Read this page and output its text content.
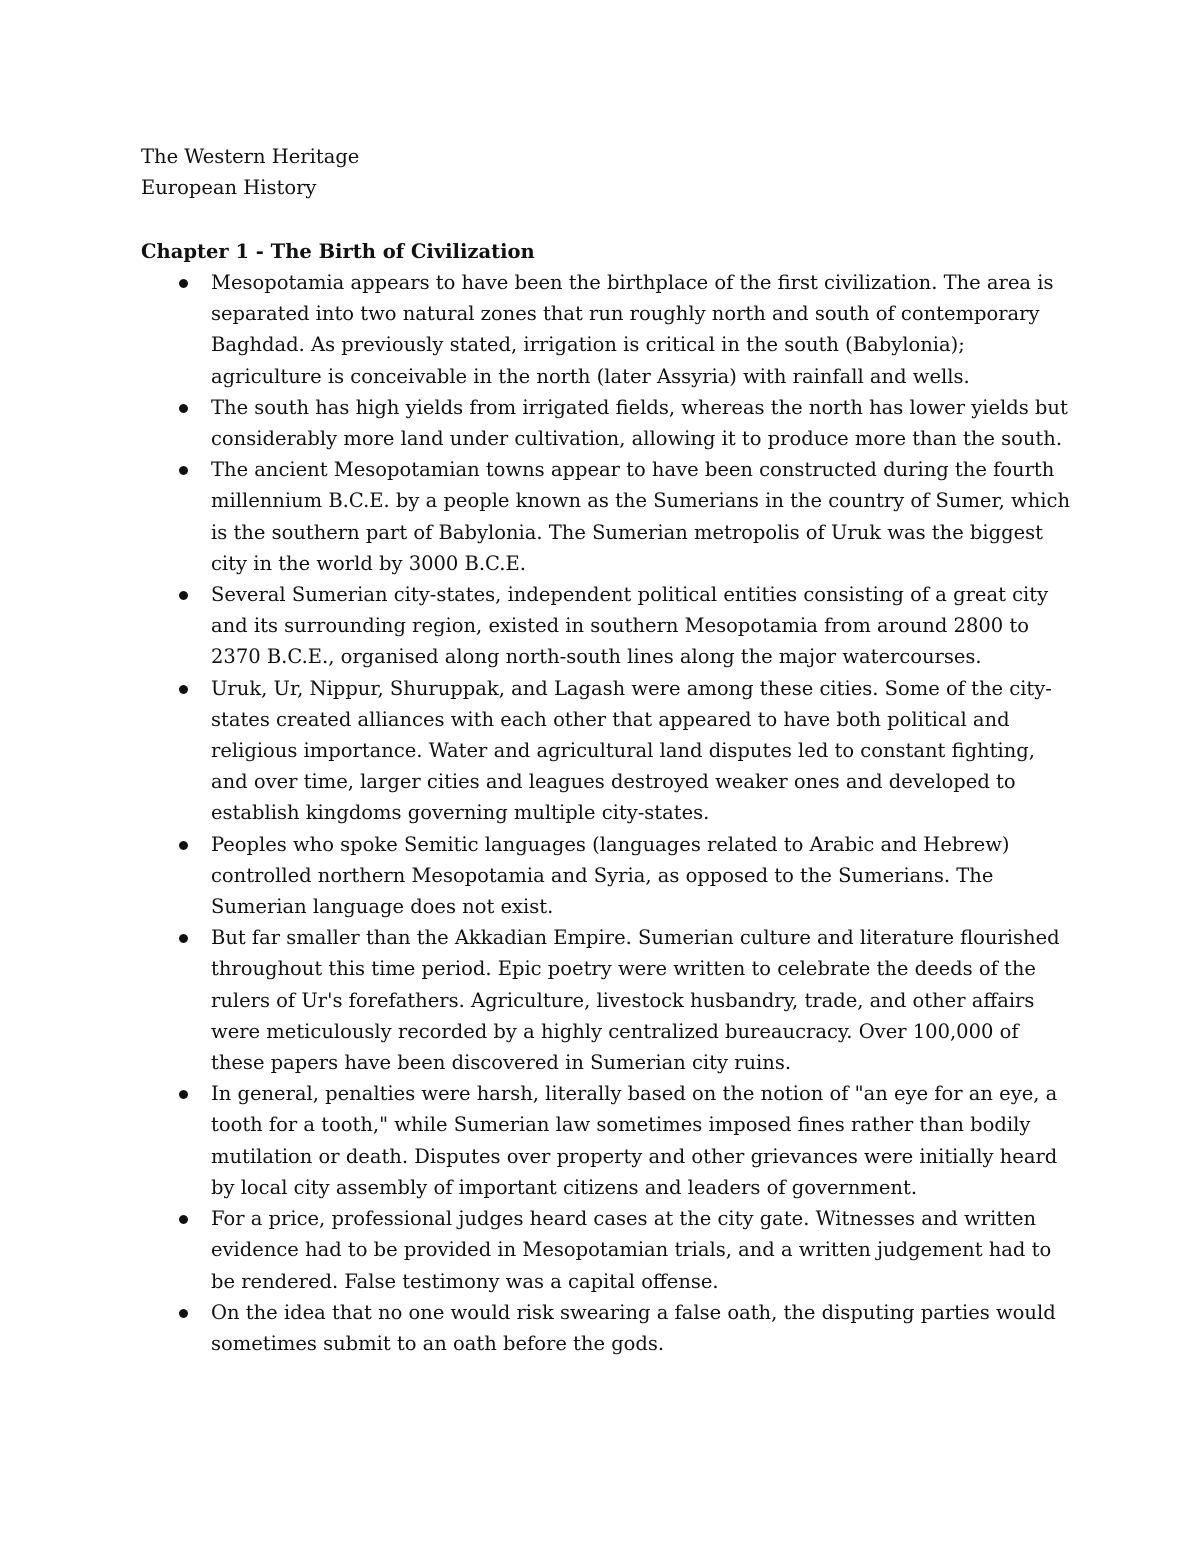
The Western Heritage

European History

Chapter 1 - The Birth of Civilization

Mesopotamia appears to have been the birthplace of the first civilization. The area is separated into two natural zones that run roughly north and south of contemporary Baghdad. As previously stated, irrigation is critical in the south (Babylonia); agriculture is conceivable in the north (later Assyria) with rainfall and wells.
The south has high yields from irrigated fields, whereas the north has lower yields but considerably more land under cultivation, allowing it to produce more than the south.
The ancient Mesopotamian towns appear to have been constructed during the fourth millennium B.C.E. by a people known as the Sumerians in the country of Sumer, which is the southern part of Babylonia. The Sumerian metropolis of Uruk was the biggest city in the world by 3000 B.C.E.
Several Sumerian city-states, independent political entities consisting of a great city and its surrounding region, existed in southern Mesopotamia from around 2800 to 2370 B.C.E., organised along north-south lines along the major watercourses.
Uruk, Ur, Nippur, Shuruppak, and Lagash were among these cities. Some of the city-states created alliances with each other that appeared to have both political and religious importance. Water and agricultural land disputes led to constant fighting, and over time, larger cities and leagues destroyed weaker ones and developed to establish kingdoms governing multiple city-states.
Peoples who spoke Semitic languages (languages related to Arabic and Hebrew) controlled northern Mesopotamia and Syria, as opposed to the Sumerians. The Sumerian language does not exist.
But far smaller than the Akkadian Empire. Sumerian culture and literature flourished throughout this time period. Epic poetry were written to celebrate the deeds of the rulers of Ur's forefathers. Agriculture, livestock husbandry, trade, and other affairs were meticulously recorded by a highly centralized bureaucracy. Over 100,000 of these papers have been discovered in Sumerian city ruins.
In general, penalties were harsh, literally based on the notion of "an eye for an eye, a tooth for a tooth," while Sumerian law sometimes imposed fines rather than bodily mutilation or death. Disputes over property and other grievances were initially heard by local city assembly of important citizens and leaders of government.
For a price, professional judges heard cases at the city gate. Witnesses and written evidence had to be provided in Mesopotamian trials, and a written judgement had to be rendered. False testimony was a capital offense.
On the idea that no one would risk swearing a false oath, the disputing parties would sometimes submit to an oath before the gods.
